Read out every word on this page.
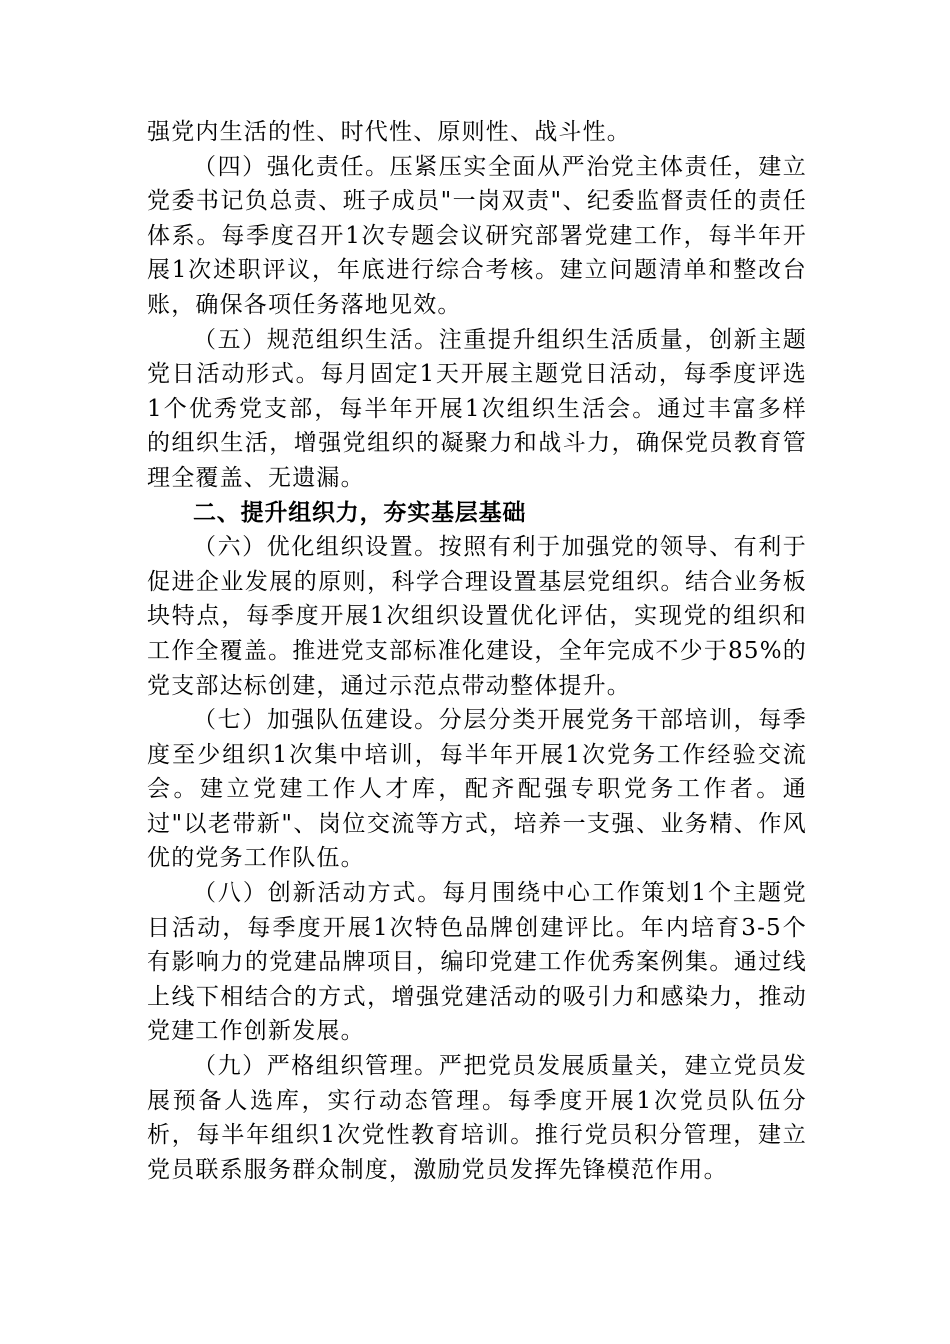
强党内生活的性、时代性、原则性、战斗性。

（四）强化责任。压紧压实全面从严治党主体责任，建立党委书记负总责、班子成员"一岗双责"、纪委监督责任的责任体系。每季度召开1次专题会议研究部署党建工作，每半年开展1次述职评议，年底进行综合考核。建立问题清单和整改台账，确保各项任务落地见效。

（五）规范组织生活。注重提升组织生活质量，创新主题党日活动形式。每月固定1天开展主题党日活动，每季度评选1个优秀党支部，每半年开展1次组织生活会。通过丰富多样的组织生活，增强党组织的凝聚力和战斗力，确保党员教育管理全覆盖、无遗漏。

二、提升组织力，夯实基层基础

（六）优化组织设置。按照有利于加强党的领导、有利于促进企业发展的原则，科学合理设置基层党组织。结合业务板块特点，每季度开展1次组织设置优化评估，实现党的组织和工作全覆盖。推进党支部标准化建设，全年完成不少于85%的党支部达标创建，通过示范点带动整体提升。

（七）加强队伍建设。分层分类开展党务干部培训，每季度至少组织1次集中培训，每半年开展1次党务工作经验交流会。建立党建工作人才库，配齐配强专职党务工作者。通过"以老带新"、岗位交流等方式，培养一支强、业务精、作风优的党务工作队伍。

（八）创新活动方式。每月围绕中心工作策划1个主题党日活动，每季度开展1次特色品牌创建评比。年内培育3-5个有影响力的党建品牌项目，编印党建工作优秀案例集。通过线上线下相结合的方式，增强党建活动的吸引力和感染力，推动党建工作创新发展。

（九）严格组织管理。严把党员发展质量关，建立党员发展预备人选库，实行动态管理。每季度开展1次党员队伍分析，每半年组织1次党性教育培训。推行党员积分管理，建立党员联系服务群众制度，激励党员发挥先锋模范作用。
